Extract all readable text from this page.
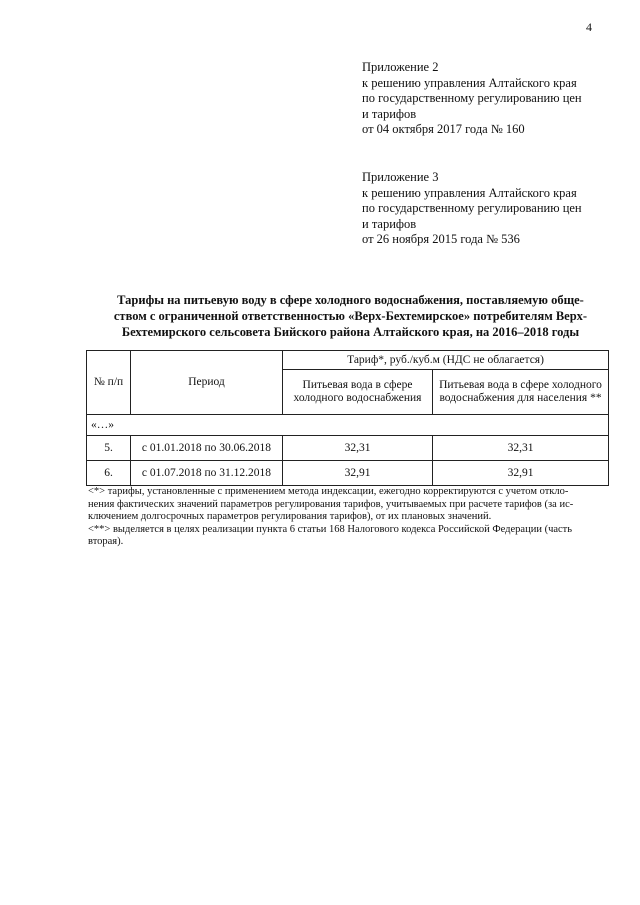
4
Приложение 2
к решению управления Алтайского края
по государственному регулированию цен
и тарифов
от 04 октября 2017 года № 160
Приложение 3
к решению управления Алтайского края
по государственному регулированию цен
и тарифов
от 26 ноября 2015 года № 536
Тарифы на питьевую воду в сфере холодного водоснабжения, поставляемую обще-
ством с ограниченной ответственностью «Верх-Бехтемирское» потребителям Верх-
Бехтемирского сельсовета Бийского района Алтайского края, на 2016–2018 годы
№ п/п	Период	Тариф*, руб./куб.м (НДС не облагается)	
		Питьевая вода в сфере холодного водоснабжения	Питьевая вода в сфере холодного водоснабжения для населения **
«…»			
5.	с 01.01.2018 по 30.06.2018	32,31	32,31
6.	с 01.07.2018 по 31.12.2018	32,91	32,91
<*> тарифы, установленные с применением метода индексации, ежегодно корректируются с учетом откло-
нения фактических значений параметров регулирования тарифов, учитываемых при расчете тарифов (за ис-
ключением долгосрочных параметров регулирования тарифов), от их плановых значений.
<**> выделяется в целях реализации пункта 6 статьи 168 Налогового кодекса Российской Федерации (часть
вторая).
